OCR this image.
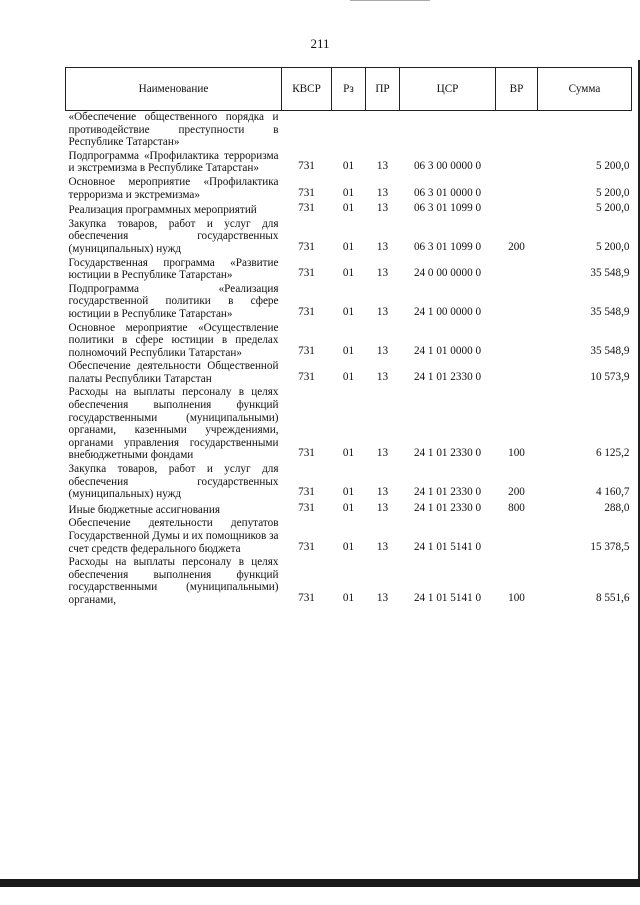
211
Наименование	КВСР	Рз	ПР	ЦСР	ВР	Сумма
«Обеспечение общественного порядка и противодействие преступности в Республике Татарстан»						
Подпрограмма «Профилактика терроризма и экстремизма в Республике Татарстан»	731	01	13	06 3 00 0000 0		5 200,0
Основное мероприятие «Профилактика терроризма и экстремизма»	731	01	13	06 3 01 0000 0		5 200,0
Реализация программных мероприятий	731	01	13	06 3 01 1099 0		5 200,0
Закупка товаров, работ и услуг для обеспечения государственных (муниципальных) нужд	731	01	13	06 3 01 1099 0	200	5 200,0
Государственная программа «Развитие юстиции в Республике Татарстан»	731	01	13	24 0 00 0000 0		35 548,9
Подпрограмма «Реализация государственной политики в сфере юстиции в Республике Татарстан»	731	01	13	24 1 00 0000 0		35 548,9
Основное мероприятие «Осуществление политики в сфере юстиции в пределах полномочий Республики Татарстан»	731	01	13	24 1 01 0000 0		35 548,9
Обеспечение деятельности Общественной палаты Республики Татарстан	731	01	13	24 1 01 2330 0		10 573,9
Расходы на выплаты персоналу в целях обеспечения выполнения функций государственными (муниципальными) органами, казенными учреждениями, органами управления государственными внебюджетными фондами	731	01	13	24 1 01 2330 0	100	6 125,2
Закупка товаров, работ и услуг для обеспечения государственных (муниципальных) нужд	731	01	13	24 1 01 2330 0	200	4 160,7
Иные бюджетные ассигнования	731	01	13	24 1 01 2330 0	800	288,0
Обеспечение деятельности депутатов Государственной Думы и их помощников за счет средств федерального бюджета	731	01	13	24 1 01 5141 0		15 378,5
Расходы на выплаты персоналу в целях обеспечения выполнения функций государственными (муниципальными) органами,	731	01	13	24 1 01 5141 0	100	8 551,6
